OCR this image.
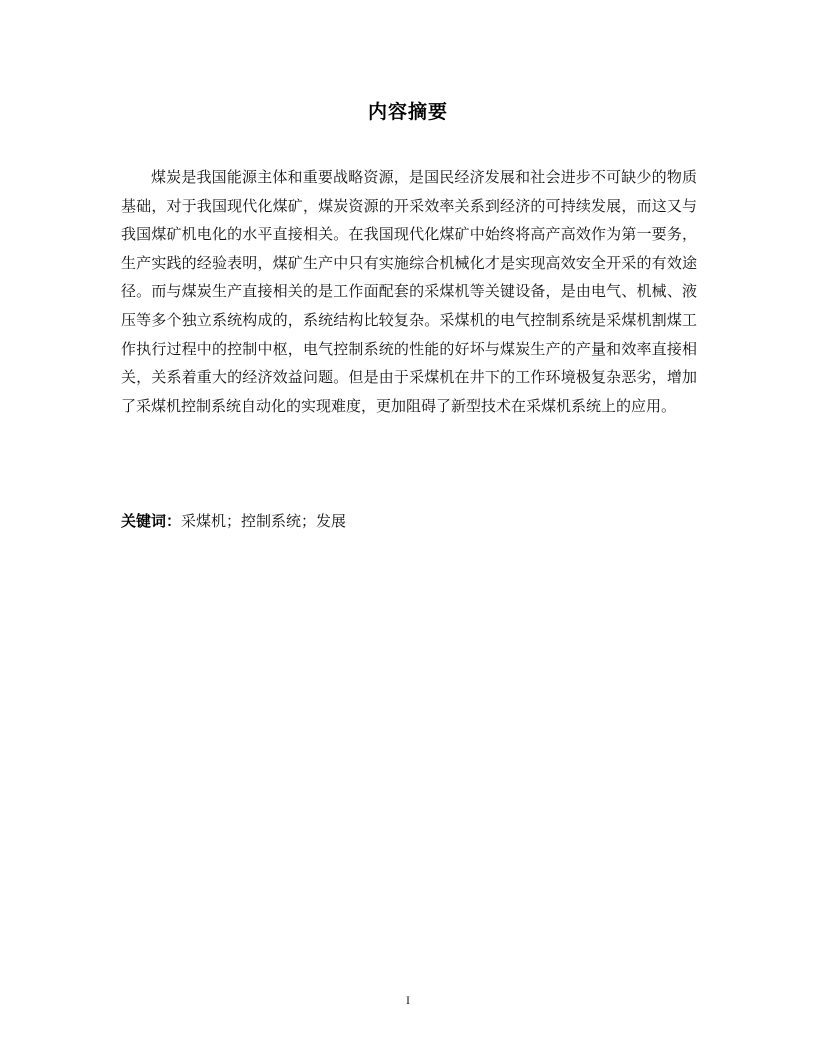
内容摘要

煤炭是我国能源主体和重要战略资源，是国民经济发展和社会进步不可缺少的物质基础，对于我国现代化煤矿，煤炭资源的开采效率关系到经济的可持续发展，而这又与我国煤矿机电化的水平直接相关。在我国现代化煤矿中始终将高产高效作为第一要务，生产实践的经验表明，煤矿生产中只有实施综合机械化才是实现高效安全开采的有效途径。而与煤炭生产直接相关的是工作面配套的采煤机等关键设备，是由电气、机械、液压等多个独立系统构成的，系统结构比较复杂。采煤机的电气控制系统是采煤机割煤工作执行过程中的控制中枢，电气控制系统的性能的好坏与煤炭生产的产量和效率直接相关，关系着重大的经济效益问题。但是由于采煤机在井下的工作环境极复杂恶劣，增加了采煤机控制系统自动化的实现难度，更加阻碍了新型技术在采煤机系统上的应用。

关键词：采煤机；控制系统；发展
I
